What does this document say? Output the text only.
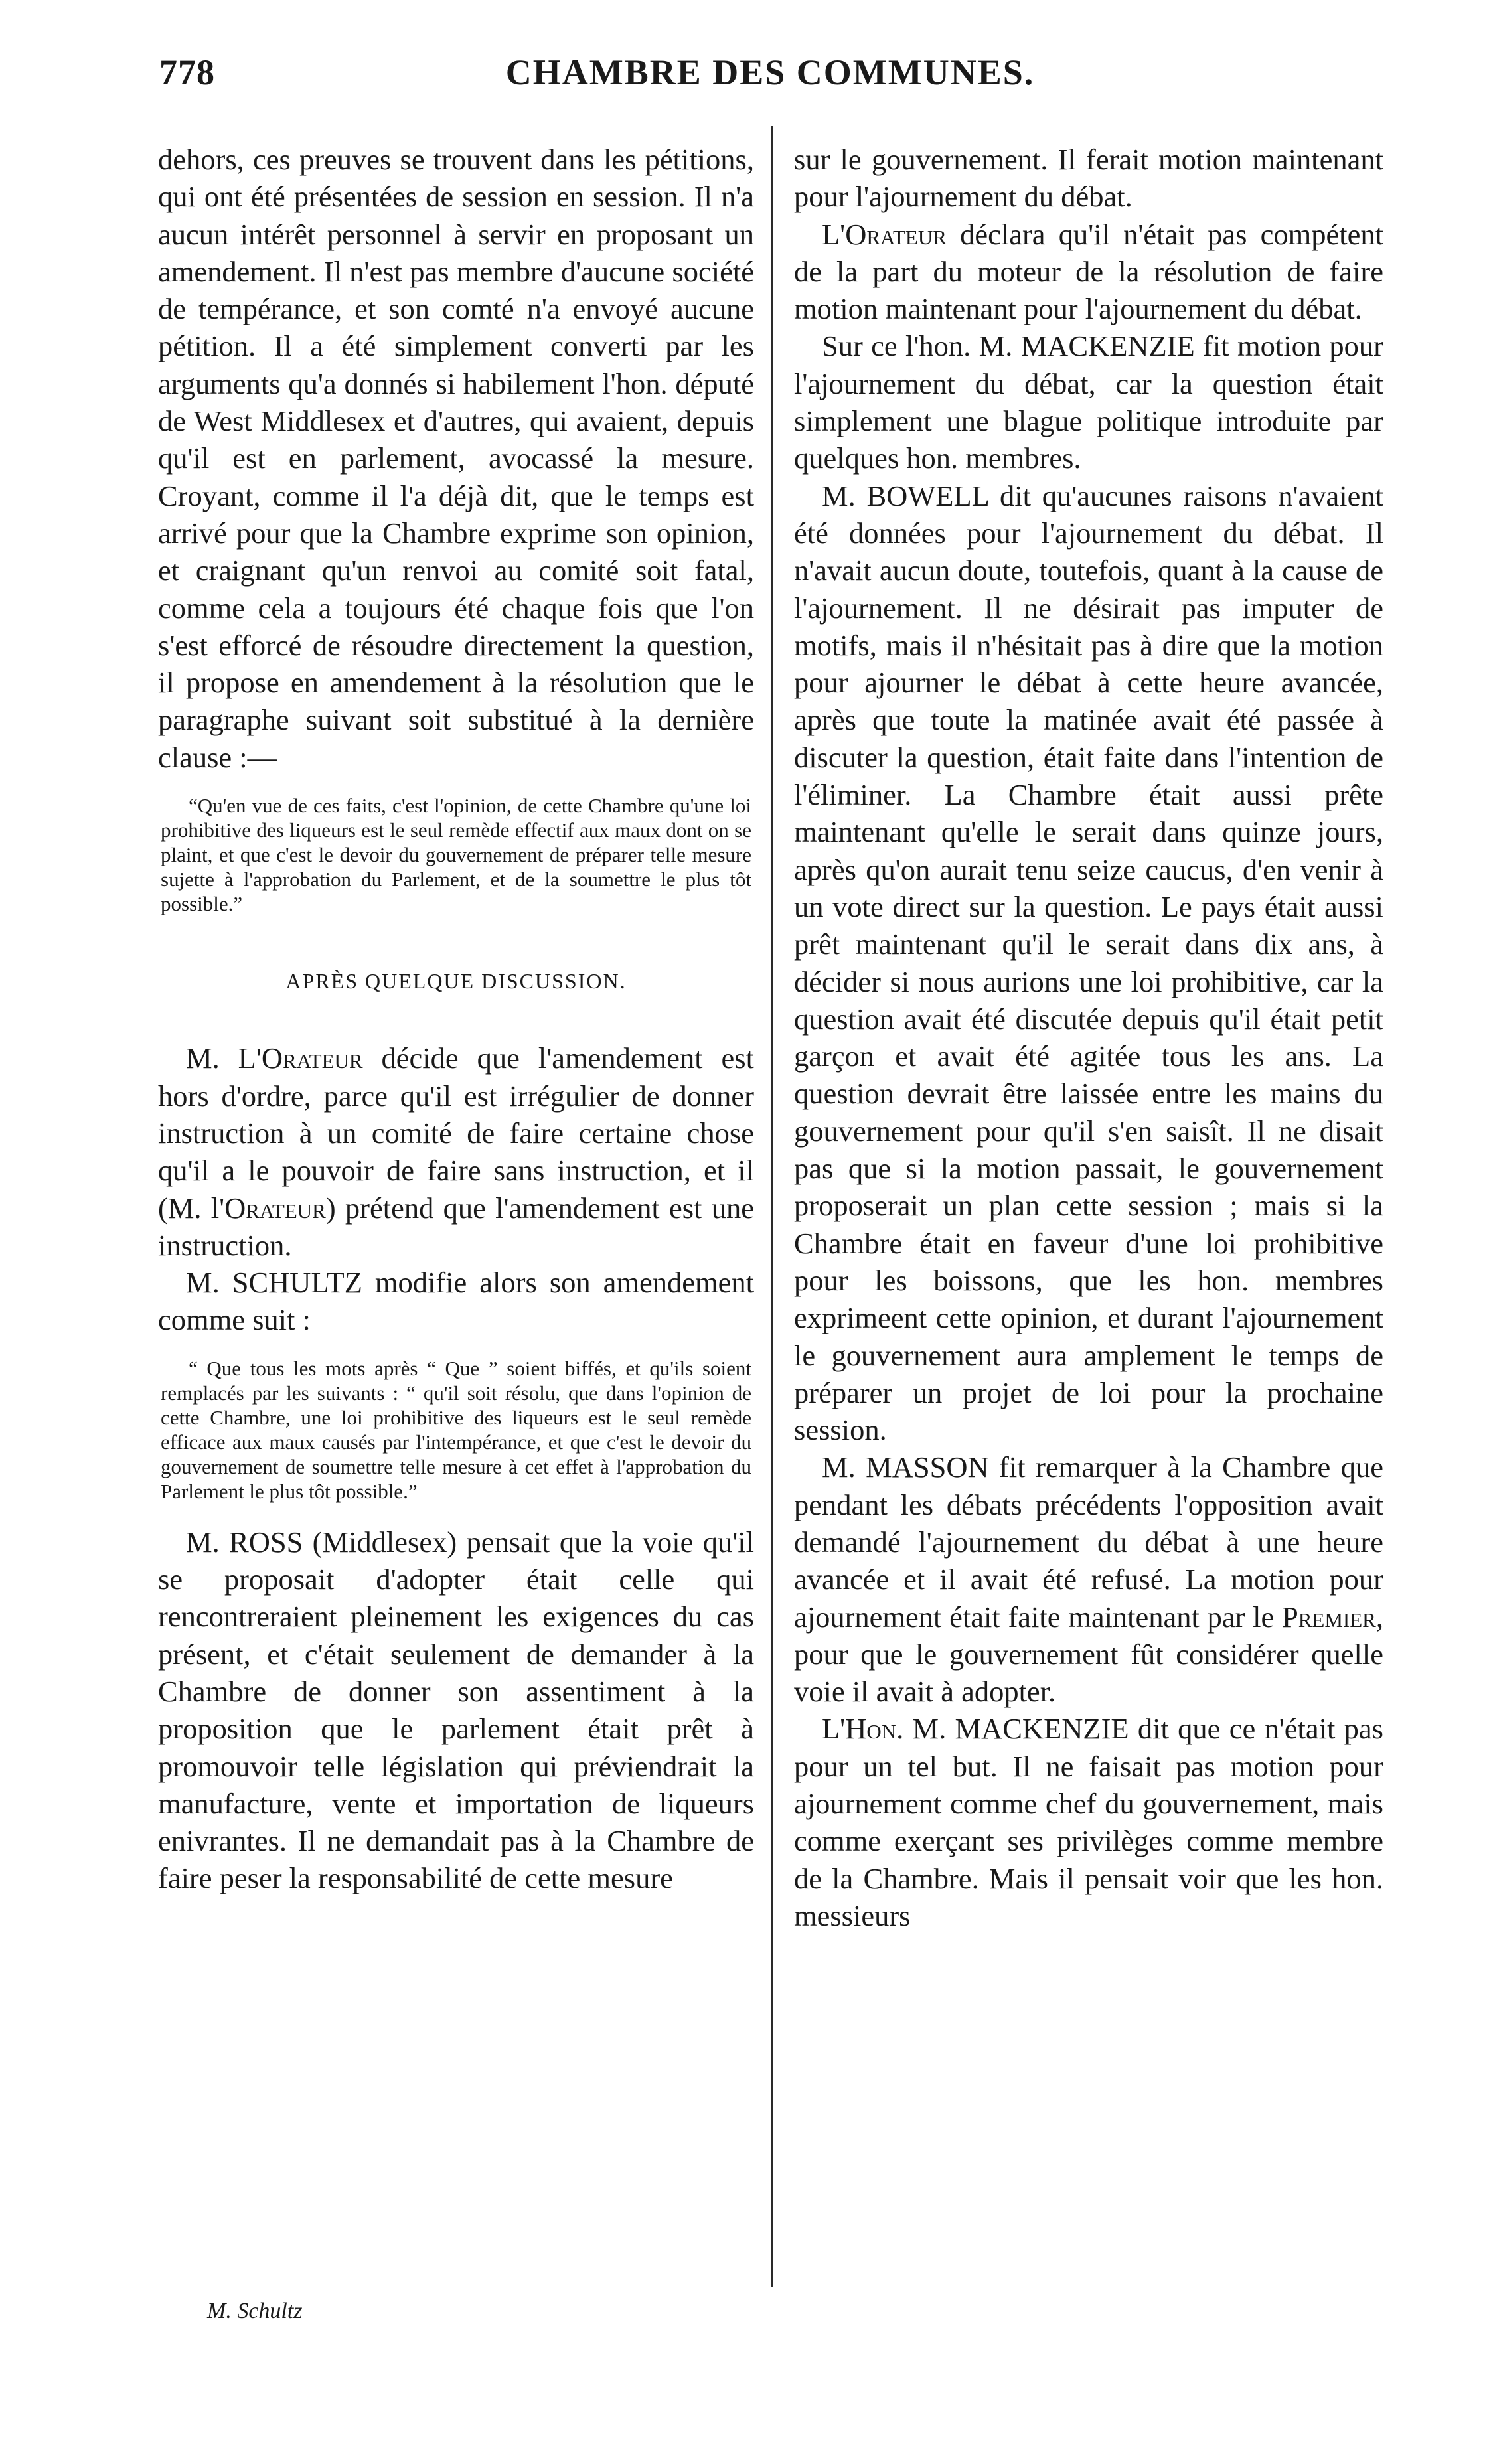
778	CHAMBRE DES COMMUNES.

dehors, ces preuves se trouvent dans les pétitions, qui ont été présentées de session en session. Il n'a aucun intérêt personnel à servir en proposant un amendement. Il n'est pas membre d'aucune société de tempérance, et son comté n'a envoyé aucune pétition. Il a été simplement converti par les arguments qu'a donnés si habilement l'hon. député de West Middlesex et d'autres, qui avaient, depuis qu'il est en parlement, avocassé la mesure. Croyant, comme il l'a déjà dit, que le temps est arrivé pour que la Chambre exprime son opinion, et craignant qu'un renvoi au comité soit fatal, comme cela a toujours été chaque fois que l'on s'est efforcé de résoudre directement la question, il propose en amendement à la résolution que le paragraphe suivant soit substitué à la dernière clause :—

“Qu'en vue de ces faits, c'est l'opinion, de cette Chambre qu'une loi prohibitive des liqueurs est le seul remède effectif aux maux dont on se plaint, et que c'est le devoir du gouvernement de préparer telle mesure sujette à l'approbation du Parlement, et de la soumettre le plus tôt possible.”

APRÈS QUELQUE DISCUSSION.

M. L'Orateur décide que l'amendement est hors d'ordre, parce qu'il est irrégulier de donner instruction à un comité de faire certaine chose qu'il a le pouvoir de faire sans instruction, et il (M. l'Orateur) prétend que l'amendement est une instruction.

M. SCHULTZ modifie alors son amendement comme suit :

“ Que tous les mots après “ Que ” soient biffés, et qu'ils soient remplacés par les suivants : “ qu'il soit résolu, que dans l'opinion de cette Chambre, une loi prohibitive des liqueurs est le seul remède efficace aux maux causés par l'intempérance, et que c'est le devoir du gouvernement de soumettre telle mesure à cet effet à l'approbation du Parlement le plus tôt possible.”

M. ROSS (Middlesex) pensait que la voie qu'il se proposait d'adopter était celle qui rencontreraient pleinement les exigences du cas présent, et c'était seulement de demander à la Chambre de donner son assentiment à la proposition que le parlement était prêt à promouvoir telle législation qui préviendrait la manufacture, vente et importation de liqueurs enivrantes. Il ne demandait pas à la Chambre de faire peser la responsabilité de cette mesure

sur le gouvernement. Il ferait motion maintenant pour l'ajournement du débat.

L'Orateur déclara qu'il n'était pas compétent de la part du moteur de la résolution de faire motion maintenant pour l'ajournement du débat.

Sur ce l'hon. M. MACKENZIE fit motion pour l'ajournement du débat, car la question était simplement une blague politique introduite par quelques hon. membres.

M. BOWELL dit qu'aucunes raisons n'avaient été données pour l'ajournement du débat. Il n'avait aucun doute, toutefois, quant à la cause de l'ajournement. Il ne désirait pas imputer de motifs, mais il n'hésitait pas à dire que la motion pour ajourner le débat à cette heure avancée, après que toute la matinée avait été passée à discuter la question, était faite dans l'intention de l'éliminer. La Chambre était aussi prête maintenant qu'elle le serait dans quinze jours, après qu'on aurait tenu seize caucus, d'en venir à un vote direct sur la question. Le pays était aussi prêt maintenant qu'il le serait dans dix ans, à décider si nous aurions une loi prohibitive, car la question avait été discutée depuis qu'il était petit garçon et avait été agitée tous les ans. La question devrait être laissée entre les mains du gouvernement pour qu'il s'en saisît. Il ne disait pas que si la motion passait, le gouvernement proposerait un plan cette session ; mais si la Chambre était en faveur d'une loi prohibitive pour les boissons, que les hon. membres exprimeent cette opinion, et durant l'ajournement le gouvernement aura amplement le temps de préparer un projet de loi pour la prochaine session.

M. MASSON fit remarquer à la Chambre que pendant les débats précédents l'opposition avait demandé l'ajournement du débat à une heure avancée et il avait été refusé. La motion pour ajournement était faite maintenant par le Premier, pour que le gouvernement fût considérer quelle voie il avait à adopter.

L'Hon. M. MACKENZIE dit que ce n'était pas pour un tel but. Il ne faisait pas motion pour ajournement comme chef du gouvernement, mais comme exerçant ses privilèges comme membre de la Chambre. Mais il pensait voir que les hon. messieurs

M. Schultz
